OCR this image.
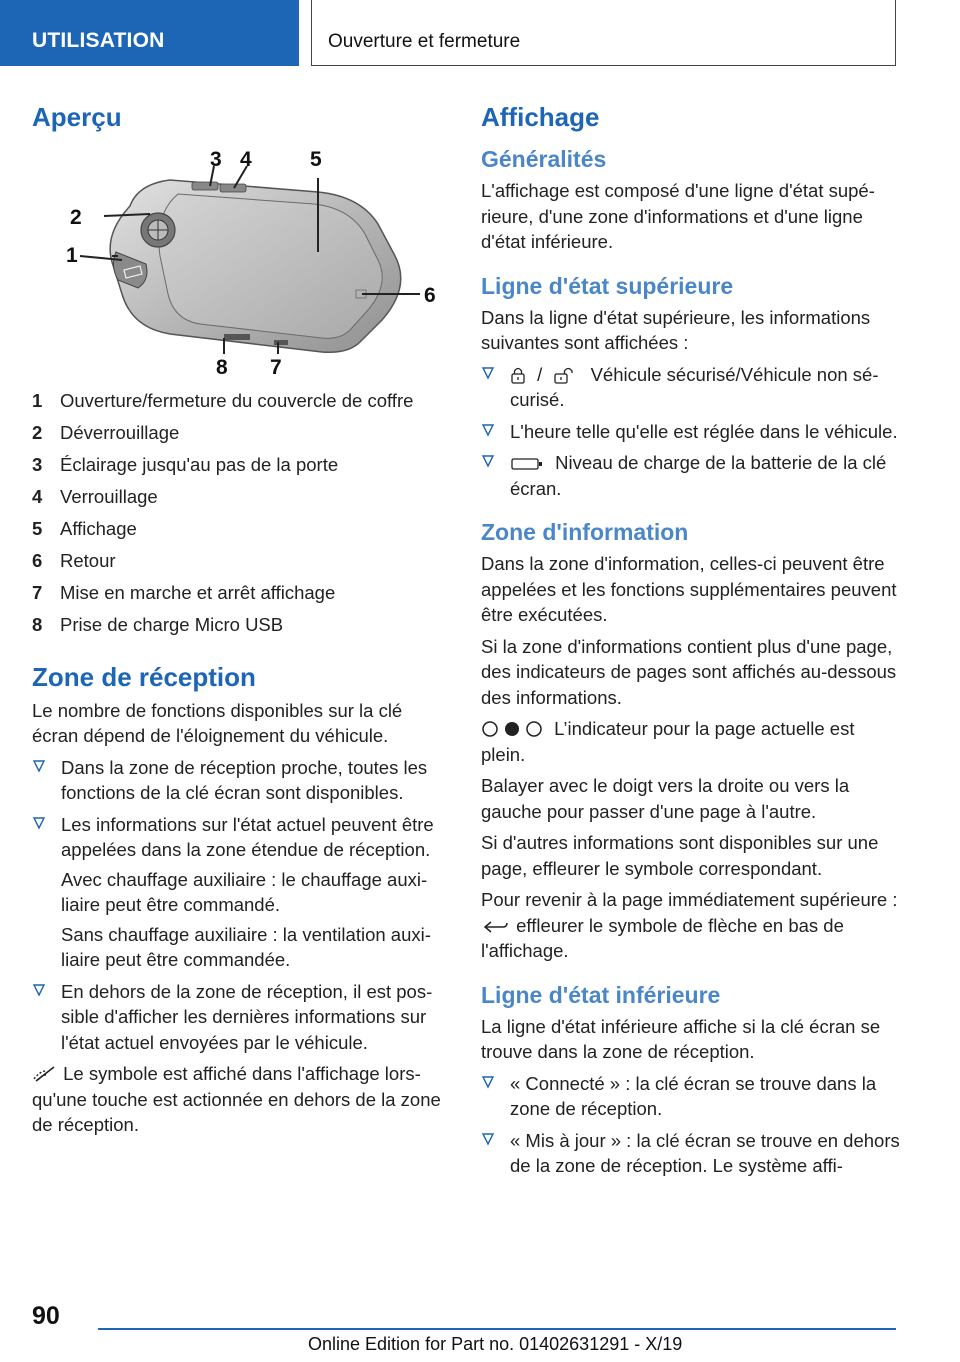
UTILISATION	Ouverture et fermeture
Aperçu
1
2
3 4	5
6
7
8
1 Ouverture/fermeture du couvercle de coffre
2 Déverrouillage
3 Éclairage jusqu'au pas de la porte
4 Verrouillage
5 Affichage
6 Retour
7 Mise en marche et arrêt affichage
8 Prise de charge Micro USB
Zone de réception

Le nombre de fonctions disponibles sur la clé écran dépend de l'éloignement du véhicule.

Dans la zone de réception proche, toutes les fonctions de la clé écran sont disponibles.

Les informations sur l'état actuel peuvent être appelées dans la zone étendue de réception.

Avec chauffage auxiliaire : le chauffage auxiliaire peut être commandé.

Sans chauffage auxiliaire : la ventilation auxiliaire peut être commandée.

En dehors de la zone de réception, il est possible d'afficher les dernières informations sur l'état actuel envoyées par le véhicule.

Le symbole est affiché dans l'affichage lorsqu'une touche est actionnée en dehors de la zone de réception.

Affichage
Généralités

L'affichage est composé d'une ligne d'état supérieure, d'une zone d'informations et d'une ligne d'état inférieure.

Ligne d'état supérieure

Dans la ligne d'état supérieure, les informations suivantes sont affichées :

/	Véhicule sécurisé/Véhicule non sécurisé.

L'heure telle qu'elle est réglée dans le véhicule.

Niveau de charge de la batterie de la clé écran.

Zone d'information

Dans la zone d'information, celles-ci peuvent être appelées et les fonctions supplémentaires peuvent être exécutées.

Si la zone d'informations contient plus d'une page, des indicateurs de pages sont affichés au-dessous des informations.

L’indicateur pour la page actuelle est plein.

Balayer avec le doigt vers la droite ou vers la gauche pour passer d'une page à l'autre.

Si d'autres informations sont disponibles sur une page, effleurer le symbole correspondant.

Pour revenir à la page immédiatement supérieure :  effleurer le symbole de flèche en bas de l'affichage.

Ligne d'état inférieure

La ligne d'état inférieure affiche si la clé écran se trouve dans la zone de réception.

« Connecté » : la clé écran se trouve dans la zone de réception.

« Mis à jour » : la clé écran se trouve en dehors de la zone de réception. Le système affi-

90
Online Edition for Part no. 01402631291 - X/19
